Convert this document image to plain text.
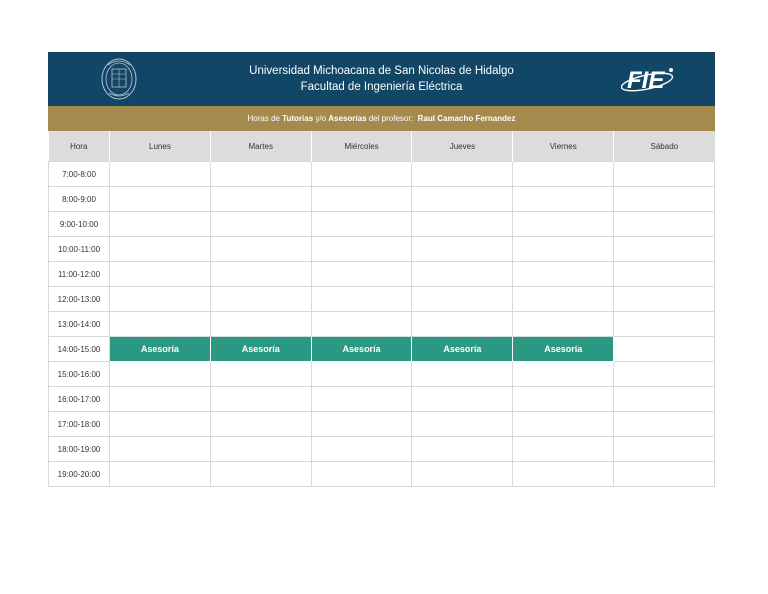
Universidad Michoacana de San Nicolas de Hidalgo
Facultad de Ingeniería Eléctrica	FIE
Horas de Tutorias y/o Asesorías del profesor: Raul Camacho Fernandez
Hora	Lunes	Martes	Miércoles	Jueves	Viernes	Sábado
7:00-8:00						
8:00-9:00						
9:00-10:00						
10:00-11:00						
11:00-12:00						
12:00-13:00						
13:00-14:00						
14:00-15:00	Asesoría	Asesoría	Asesoría	Asesoría	Asesoría	
15:00-16:00						
16:00-17:00						
17:00-18:00						
18:00-19:00						
19:00-20:00						
